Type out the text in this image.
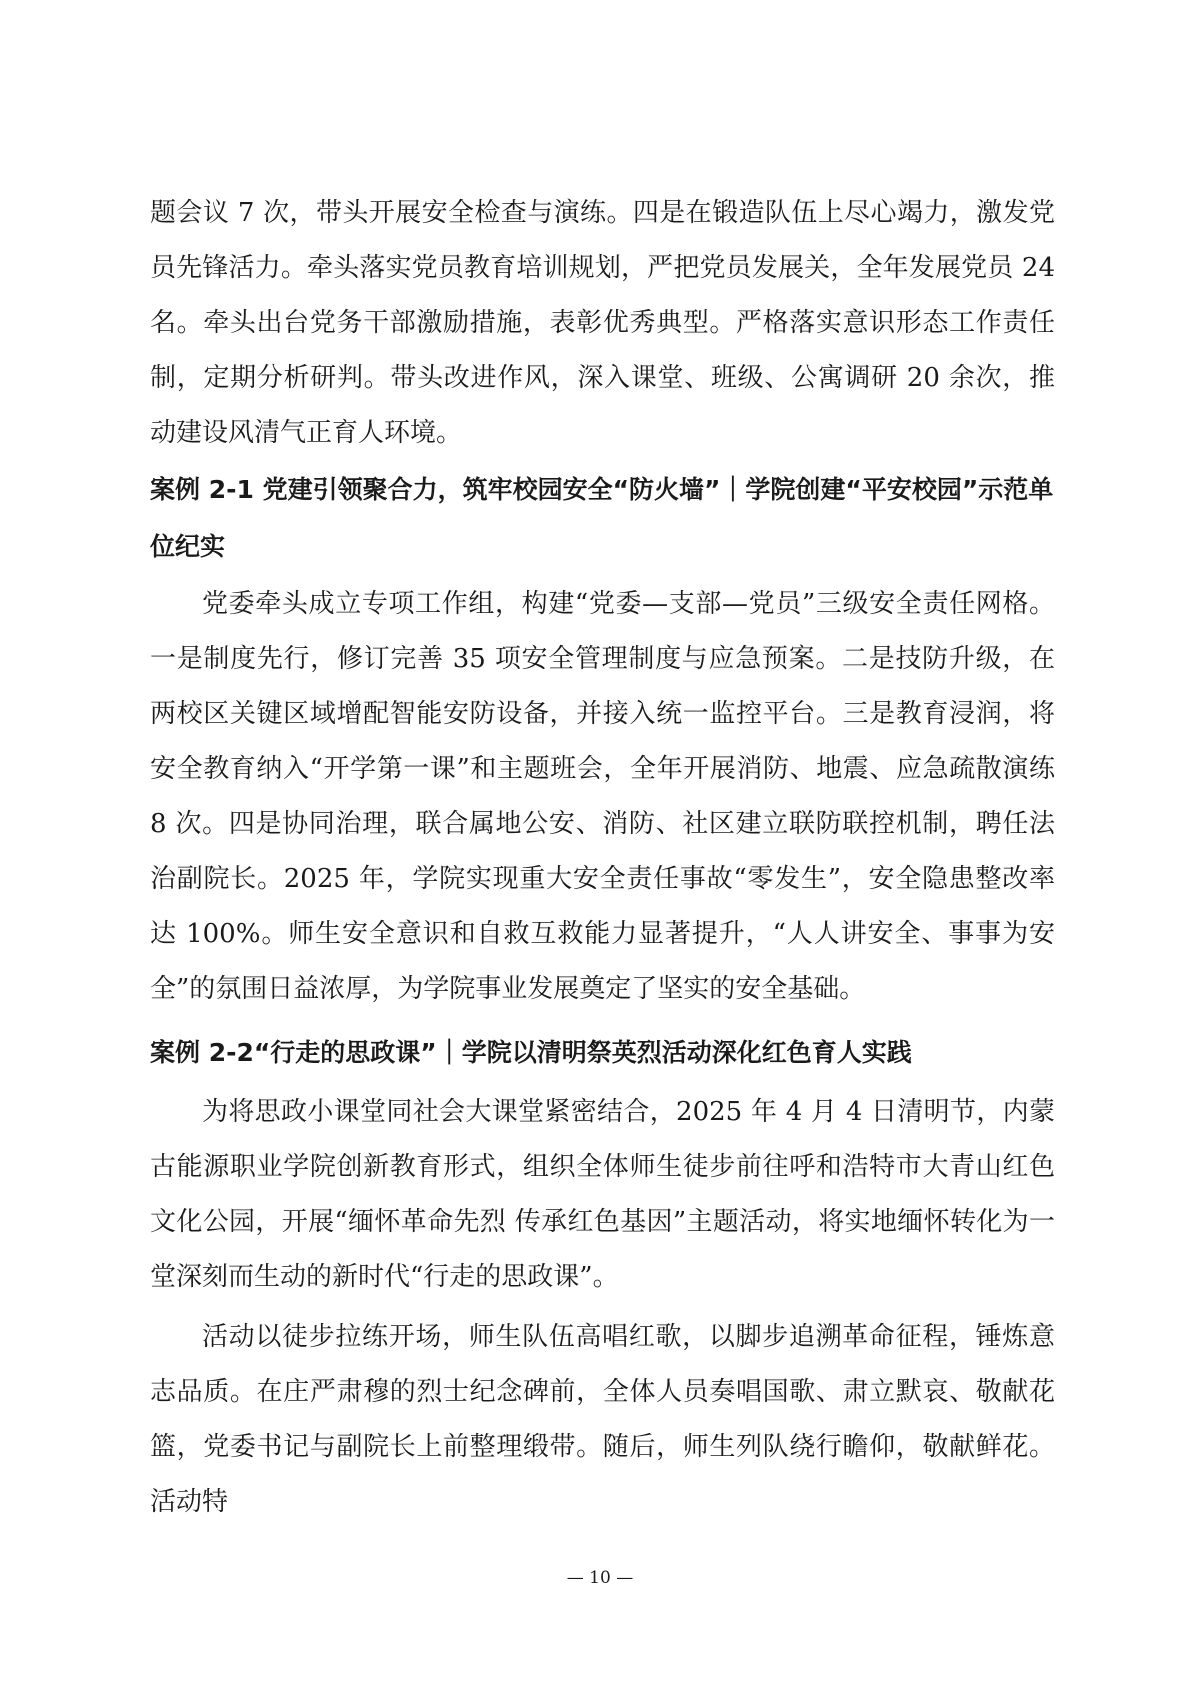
题会议 7 次，带头开展安全检查与演练。四是在锻造队伍上尽心竭力，激发党员先锋活力。牵头落实党员教育培训规划，严把党员发展关，全年发展党员 24 名。牵头出台党务干部激励措施，表彰优秀典型。严格落实意识形态工作责任制，定期分析研判。带头改进作风，深入课堂、班级、公寓调研 20 余次，推动建设风清气正育人环境。

案例 2-1 党建引领聚合力，筑牢校园安全“防火墙”｜学院创建“平安校园”示范单位纪实

党委牵头成立专项工作组，构建“党委—支部—党员”三级安全责任网格。一是制度先行，修订完善 35 项安全管理制度与应急预案。二是技防升级，在两校区关键区域增配智能安防设备，并接入统一监控平台。三是教育浸润，将安全教育纳入“开学第一课”和主题班会，全年开展消防、地震、应急疏散演练 8 次。四是协同治理，联合属地公安、消防、社区建立联防联控机制，聘任法治副院长。2025 年，学院实现重大安全责任事故“零发生”，安全隐患整改率达 100%。师生安全意识和自救互救能力显著提升，“人人讲安全、事事为安全”的氛围日益浓厚，为学院事业发展奠定了坚实的安全基础。

案例 2-2“行走的思政课”｜学院以清明祭英烈活动深化红色育人实践

为将思政小课堂同社会大课堂紧密结合，2025 年 4 月 4 日清明节，内蒙古能源职业学院创新教育形式，组织全体师生徒步前往呼和浩特市大青山红色文化公园，开展“缅怀革命先烈 传承红色基因”主题活动，将实地缅怀转化为一堂深刻而生动的新时代“行走的思政课”。

活动以徒步拉练开场，师生队伍高唱红歌，以脚步追溯革命征程，锤炼意志品质。在庄严肃穆的烈士纪念碑前，全体人员奏唱国歌、肃立默哀、敬献花篮，党委书记与副院长上前整理缎带。随后，师生列队绕行瞻仰，敬献鲜花。活动特

— 10 —
